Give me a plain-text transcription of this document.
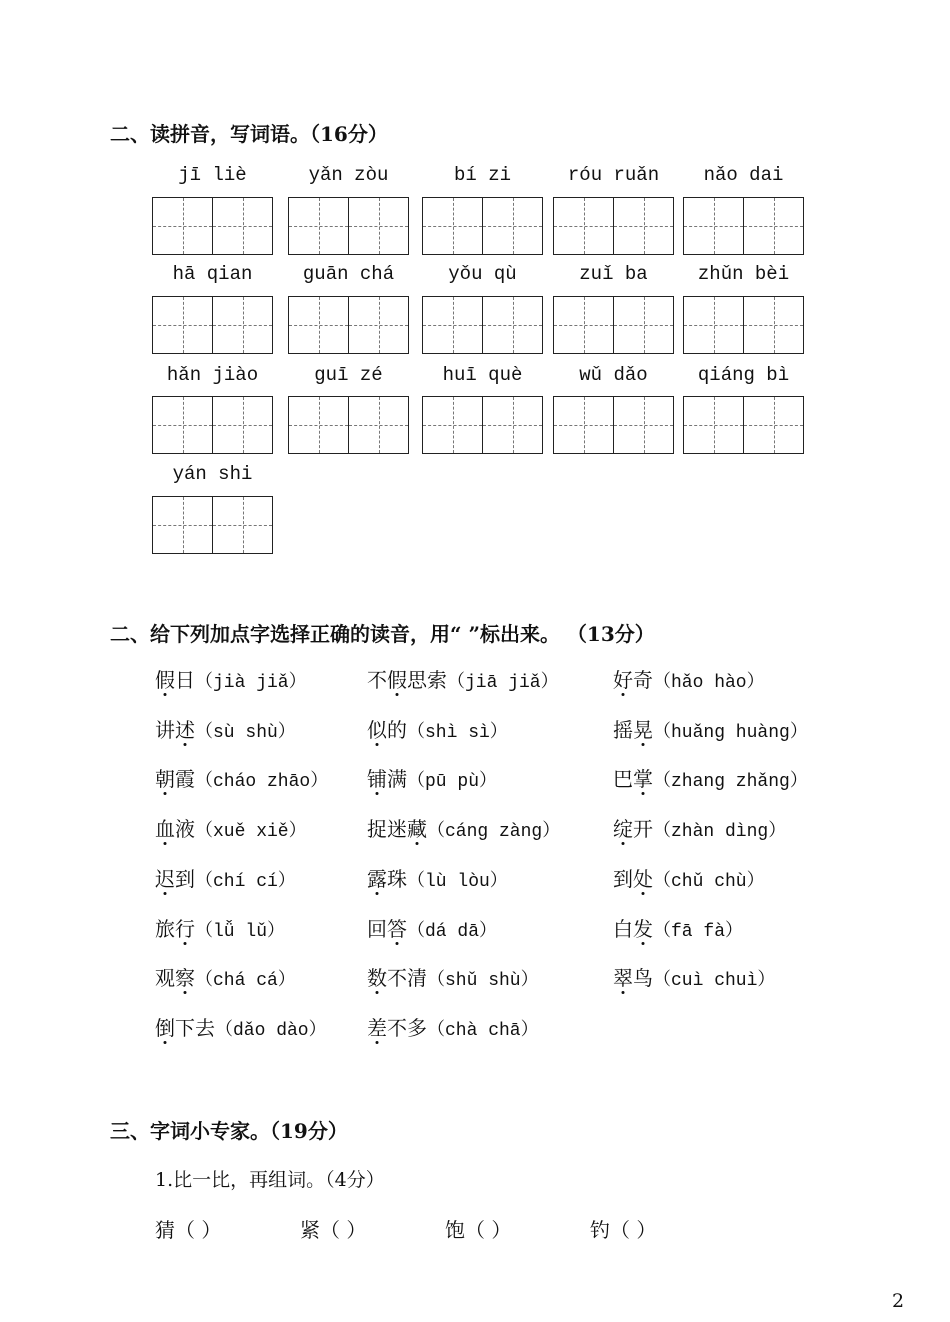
二、读拼音，写词语。（16分）
jī liè	yǎn zòu	bí zi	róu ruǎn	nǎo dai
hā qian	guān chá	yǒu qù	zuǐ ba	zhǔn bèi
hǎn jiào	guī zé	huī què	wǔ dǎo	qiáng bì
yán shi
二、给下列加点字选择正确的读音，用“ ”标出来。 （13分）
假日（jià jiǎ）	不假思索（jiā jiǎ）	好奇（hǎo hào）
讲述（sù shù）	似的（shì sì）	摇晃（huǎng huàng）
朝霞（cháo zhāo） 铺满（pū pù）	巴掌（zhang zhǎng）
血液（xuě xiě）	捉迷藏（cáng zàng）	绽开（zhàn dìng）
迟到（chí cí）	露珠（lù lòu）	到处（chǔ chù）
旅行（lǚ lǔ）	回答（dá dā）	白发（fā fà）
观察（chá cá）	数不清（shǔ shù）	翠鸟（cuì chuì）
倒下去（dǎo dào） 差不多（chà chā）
三、字词小专家。（19分）
1.比一比，再组词。（4分）
猜（ ）	紧（ ）	饱（ ）	钓（ ）
2
